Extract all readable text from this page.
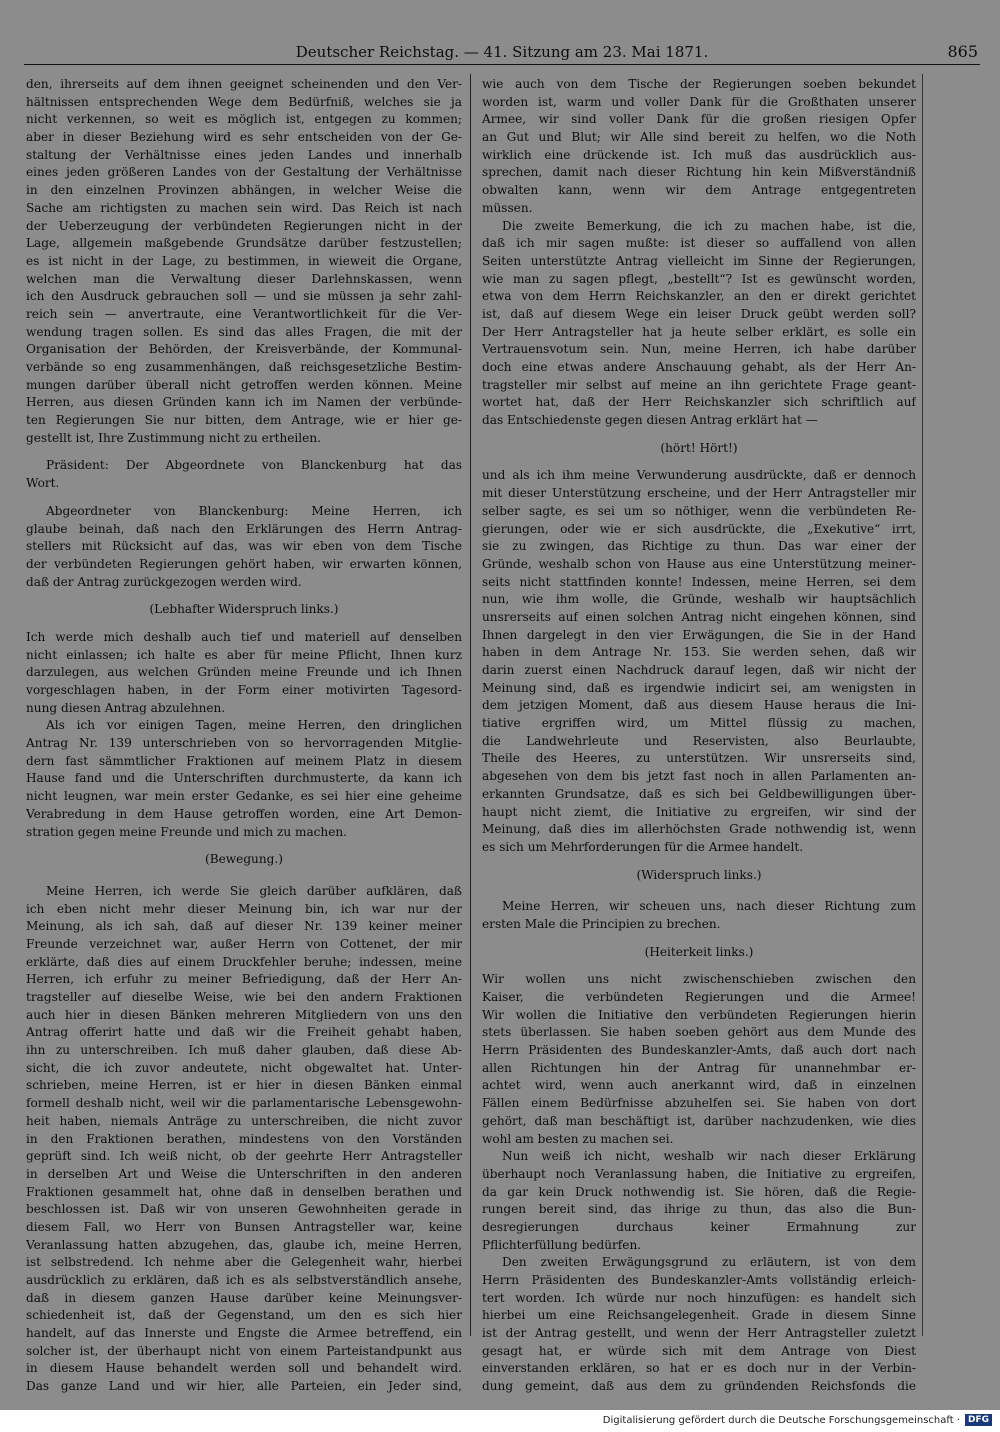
Deutscher Reichstag. — 41. Sitzung am 23. Mai 1871.	865
den, ihrerseits auf dem ihnen geeignet scheinenden und den Ver-
hältnissen entsprechenden Wege dem Bedürfniß, welches sie ja
nicht verkennen, so weit es möglich ist, entgegen zu kommen;
aber in dieser Beziehung wird es sehr entscheiden von der Ge-
staltung der Verhältnisse eines jeden Landes und innerhalb
eines jeden größeren Landes von der Gestaltung der Verhältnisse
in den einzelnen Provinzen abhängen, in welcher Weise die
Sache am richtigsten zu machen sein wird. Das Reich ist nach
der Ueberzeugung der verbündeten Regierungen nicht in der
Lage, allgemein maßgebende Grundsätze darüber festzustellen;
es ist nicht in der Lage, zu bestimmen, in wieweit die Organe,
welchen man die Verwaltung dieser Darlehnskassen, wenn
ich den Ausdruck gebrauchen soll — und sie müssen ja sehr zahl-
reich sein — anvertraute, eine Verantwortlichkeit für die Ver-
wendung tragen sollen. Es sind das alles Fragen, die mit der
Organisation der Behörden, der Kreisverbände, der Kommunal-
verbände so eng zusammenhängen, daß reichsgesetzliche Bestim-
mungen darüber überall nicht getroffen werden können. Meine
Herren, aus diesen Gründen kann ich im Namen der verbünde-
ten Regierungen Sie nur bitten, dem Antrage, wie er hier ge-
gestellt ist, Ihre Zustimmung nicht zu ertheilen.
Präsident: Der Abgeordnete von Blanckenburg hat das
Wort.
Abgeordneter von Blanckenburg: Meine Herren, ich
glaube beinah, daß nach den Erklärungen des Herrn Antrag-
stellers mit Rücksicht auf das, was wir eben von dem Tische
der verbündeten Regierungen gehört haben, wir erwarten können,
daß der Antrag zurückgezogen werden wird.
(Lebhafter Widerspruch links.)
Ich werde mich deshalb auch tief und materiell auf denselben
nicht einlassen; ich halte es aber für meine Pflicht, Ihnen kurz
darzulegen, aus welchen Gründen meine Freunde und ich Ihnen
vorgeschlagen haben, in der Form einer motivirten Tagesord-
nung diesen Antrag abzulehnen.
Als ich vor einigen Tagen, meine Herren, den dringlichen
Antrag Nr. 139 unterschrieben von so hervorragenden Mitglie-
dern fast sämmtlicher Fraktionen auf meinem Platz in diesem
Hause fand und die Unterschriften durchmusterte, da kann ich
nicht leugnen, war mein erster Gedanke, es sei hier eine geheime
Verabredung in dem Hause getroffen worden, eine Art Demon-
stration gegen meine Freunde und mich zu machen.
(Bewegung.)
Meine Herren, ich werde Sie gleich darüber aufklären, daß
ich eben nicht mehr dieser Meinung bin, ich war nur der
Meinung, als ich sah, daß auf dieser Nr. 139 keiner meiner
Freunde verzeichnet war, außer Herrn von Cottenet, der mir
erklärte, daß dies auf einem Druckfehler beruhe; indessen, meine
Herren, ich erfuhr zu meiner Befriedigung, daß der Herr An-
tragsteller auf dieselbe Weise, wie bei den andern Fraktionen
auch hier in diesen Bänken mehreren Mitgliedern von uns den
Antrag offerirt hatte und daß wir die Freiheit gehabt haben,
ihn zu unterschreiben. Ich muß daher glauben, daß diese Ab-
sicht, die ich zuvor andeutete, nicht obgewaltet hat. Unter-
schrieben, meine Herren, ist er hier in diesen Bänken einmal
formell deshalb nicht, weil wir die parlamentarische Lebensgewohn-
heit haben, niemals Anträge zu unterschreiben, die nicht zuvor
in den Fraktionen berathen, mindestens von den Vorständen
geprüft sind. Ich weiß nicht, ob der geehrte Herr Antragsteller
in derselben Art und Weise die Unterschriften in den anderen
Fraktionen gesammelt hat, ohne daß in denselben berathen und
beschlossen ist. Daß wir von unseren Gewohnheiten gerade in
diesem Fall, wo Herr von Bunsen Antragsteller war, keine
Veranlassung hatten abzugehen, das, glaube ich, meine Herren,
ist selbstredend. Ich nehme aber die Gelegenheit wahr, hierbei
ausdrücklich zu erklären, daß ich es als selbstverständlich ansehe,
daß in diesem ganzen Hause darüber keine Meinungsver-
schiedenheit ist, daß der Gegenstand, um den es sich hier
handelt, auf das Innerste und Engste die Armee betreffend, ein
solcher ist, der überhaupt nicht von einem Parteistandpunkt aus
in diesem Hause behandelt werden soll und behandelt wird.
Das ganze Land und wir hier, alle Parteien, ein Jeder sind,
wie auch von dem Tische der Regierungen soeben bekundet
worden ist, warm und voller Dank für die Großthaten unserer
Armee, wir sind voller Dank für die großen riesigen Opfer
an Gut und Blut; wir Alle sind bereit zu helfen, wo die Noth
wirklich eine drückende ist. Ich muß das ausdrücklich aus-
sprechen, damit nach dieser Richtung hin kein Mißverständniß
obwalten kann, wenn wir dem Antrage entgegentreten
müssen.
Die zweite Bemerkung, die ich zu machen habe, ist die,
daß ich mir sagen mußte: ist dieser so auffallend von allen
Seiten unterstützte Antrag vielleicht im Sinne der Regierungen,
wie man zu sagen pflegt, „bestellt“? Ist es gewünscht worden,
etwa von dem Herrn Reichskanzler, an den er direkt gerichtet
ist, daß auf diesem Wege ein leiser Druck geübt werden soll?
Der Herr Antragsteller hat ja heute selber erklärt, es solle ein
Vertrauensvotum sein. Nun, meine Herren, ich habe darüber
doch eine etwas andere Anschauung gehabt, als der Herr An-
tragsteller mir selbst auf meine an ihn gerichtete Frage geant-
wortet hat, daß der Herr Reichskanzler sich schriftlich auf
das Entschiedenste gegen diesen Antrag erklärt hat —
(hört! Hört!)
und als ich ihm meine Verwunderung ausdrückte, daß er dennoch
mit dieser Unterstützung erscheine, und der Herr Antragsteller mir
selber sagte, es sei um so nöthiger, wenn die verbündeten Re-
gierungen, oder wie er sich ausdrückte, die „Exekutive“ irrt,
sie zu zwingen, das Richtige zu thun. Das war einer der
Gründe, weshalb schon von Hause aus eine Unterstützung meiner-
seits nicht stattfinden konnte! Indessen, meine Herren, sei dem
nun, wie ihm wolle, die Gründe, weshalb wir hauptsächlich
unsrerseits auf einen solchen Antrag nicht eingehen können, sind
Ihnen dargelegt in den vier Erwägungen, die Sie in der Hand
haben in dem Antrage Nr. 153. Sie werden sehen, daß wir
darin zuerst einen Nachdruck darauf legen, daß wir nicht der
Meinung sind, daß es irgendwie indicirt sei, am wenigsten in
dem jetzigen Moment, daß aus diesem Hause heraus die Ini-
tiative ergriffen wird, um Mittel flüssig zu machen,
die Landwehrleute und Reservisten, also Beurlaubte,
Theile des Heeres, zu unterstützen. Wir unsrerseits sind,
abgesehen von dem bis jetzt fast noch in allen Parlamenten an-
erkannten Grundsatze, daß es sich bei Geldbewilligungen über-
haupt nicht ziemt, die Initiative zu ergreifen, wir sind der
Meinung, daß dies im allerhöchsten Grade nothwendig ist, wenn
es sich um Mehrforderungen für die Armee handelt.
(Widerspruch links.)
Meine Herren, wir scheuen uns, nach dieser Richtung zum
ersten Male die Principien zu brechen.
(Heiterkeit links.)
Wir wollen uns nicht zwischenschieben zwischen den
Kaiser, die verbündeten Regierungen und die Armee!
Wir wollen die Initiative den verbündeten Regierungen hierin
stets überlassen. Sie haben soeben gehört aus dem Munde des
Herrn Präsidenten des Bundeskanzler-Amts, daß auch dort nach
allen Richtungen hin der Antrag für unannehmbar er-
achtet wird, wenn auch anerkannt wird, daß in einzelnen
Fällen einem Bedürfnisse abzuhelfen sei. Sie haben von dort
gehört, daß man beschäftigt ist, darüber nachzudenken, wie dies
wohl am besten zu machen sei.
Nun weiß ich nicht, weshalb wir nach dieser Erklärung
überhaupt noch Veranlassung haben, die Initiative zu ergreifen,
da gar kein Druck nothwendig ist. Sie hören, daß die Regie-
rungen bereit sind, das ihrige zu thun, das also die Bun-
desregierungen durchaus keiner Ermahnung zur
Pflichterfüllung bedürfen.
Den zweiten Erwägungsgrund zu erläutern, ist von dem
Herrn Präsidenten des Bundeskanzler-Amts vollständig erleich-
tert worden. Ich würde nur noch hinzufügen: es handelt sich
hierbei um eine Reichsangelegenheit. Grade in diesem Sinne
ist der Antrag gestellt, und wenn der Herr Antragsteller zuletzt
gesagt hat, er würde sich mit dem Antrage von Diest
einverstanden erklären, so hat er es doch nur in der Verbin-
dung gemeint, daß aus dem zu gründenden Reichsfonds die
Digitalisierung gefördert durch die Deutsche Forschungsgemeinschaft · DFG
